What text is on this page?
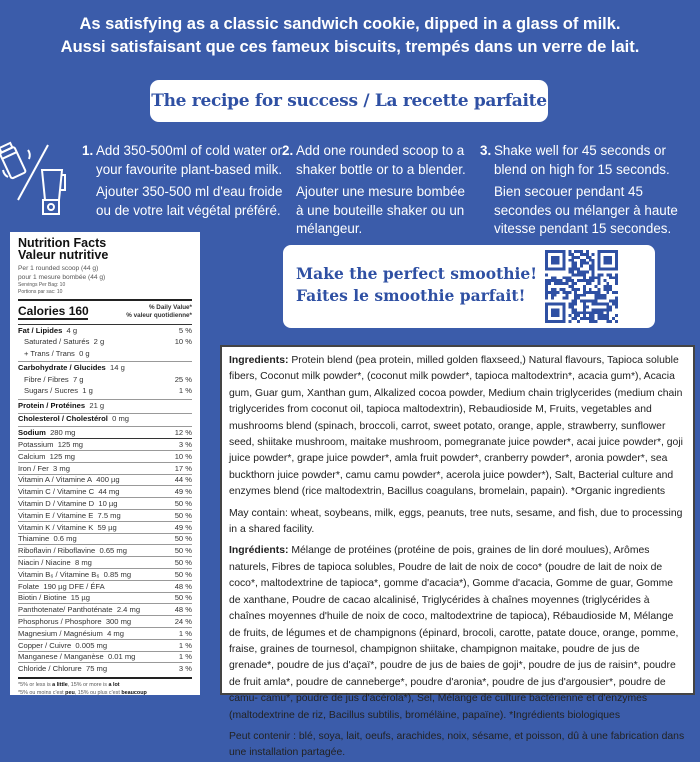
As satisfying as a classic sandwich cookie, dipped in a glass of milk.
Aussi satisfaisant que ces fameux biscuits, trempés dans un verre de lait.
The recipe for success / La recette parfaite
1. Add 350-500ml of cold water or your favourite plant-based milk.

Ajouter 350-500 ml d'eau froide ou de votre lait végétal préféré.

2. Add one rounded scoop to a shaker bottle or to a blender.

Ajouter une mesure bombée à une bouteille shaker ou un mélangeur.

3. Shake well for 45 seconds or blend on high for 15 seconds.

Bien secouer pendant 45 secondes ou mélanger à haute vitesse pendant 15 secondes.

Nutrition Facts
Valeur nutritive
Per 1 rounded scoop (44 g)
pour 1 mesure bombée (44 g)
Servings Per Bag: 10
Portions par sac: 10
Calories 160	% Daily Value*
% valeur quotidienne*
Fat / Lipides 4 g	5 %
Saturated / Saturés 2 g	10 %
+ Trans / Trans 0 g
Carbohydrate / Glucides 14 g
Fibre / Fibres 7 g	25 %
Sugars / Sucres 1 g	1 %
Protein / Protéines 21 g
Cholesterol / Cholestérol 0 mg
Sodium 280 mg	12 %
Potassium 125 mg	3 %
Calcium 125 mg	10 %
Iron / Fer 3 mg	17 %
Vitamin A / Vitamine A 400 µg	44 %
Vitamin C / Vitamine C 44 mg	49 %
Vitamin D / Vitamine D 10 µg	50 %
Vitamin E / Vitamine E 7.5 mg	50 %
Vitamin K / Vitamine K 59 µg	49 %
Thiamine 0.6 mg	50 %
Riboflavin / Riboflavine 0.65 mg	50 %
Niacin / Niacine 8 mg	50 %
Vitamin B₆ / Vitamine B₆ 0.85 mg	50 %
Folate 190 µg DFE / ÉFA	48 %
Biotin / Biotine 15 µg	50 %
Panthotenate/ Panthoténate 2.4 mg	48 %
Phosphorus / Phosphore 300 mg	24 %
Magnesium / Magnésium 4 mg	1 %
Copper / Cuivre 0.005 mg	1 %
Manganese / Manganèse 0.01 mg	1 %
Chloride / Chlorure 75 mg	3 %
*5% or less is a little, 15% or more is a lot
*5% ou moins c'est peu, 15% ou plus c'est beaucoup
Make the perfect smoothie!
Faites le smoothie parfait!

Ingredients: Protein blend (pea protein, milled golden flaxseed,) Natural flavours, Tapioca soluble fibers, Coconut milk powder*, (coconut milk powder*, tapioca maltodextrin*, acacia gum*), Acacia gum, Guar gum, Xanthan gum, Alkalized cocoa powder, Medium chain triglycerides (medium chain triglycerides from coconut oil, tapioca maltodextrin), Rebaudioside M, Fruits, vegetables and mushrooms blend (spinach, broccoli, carrot, sweet potato, orange, apple, strawberry, sunflower seed, shiitake mushroom, maitake mushroom, pomegranate juice powder*, acai juice powder*, goji juice powder*, grape juice powder*, amla fruit powder*, cranberry powder*, aronia powder*, sea buckthorn juice powder*, camu camu powder*, acerola juice powder*), Salt, Bacterial culture and enzymes blend (rice maltodextrin, Bacillus coagulans, bromelain, papain). *Organic ingredients

May contain: wheat, soybeans, milk, eggs, peanuts, tree nuts, sesame, and fish, due to processing in a shared facility.

Ingrédients: Mélange de protéines (protéine de pois, graines de lin doré moulues), Arômes naturels, Fibres de tapioca solubles, Poudre de lait de noix de coco* (poudre de lait de noix de coco*, maltodextrine de tapioca*, gomme d'acacia*), Gomme d'acacia, Gomme de guar, Gomme de xanthane, Poudre de cacao alcalinisé, Triglycérides à chaînes moyennes (triglycérides à chaînes moyennes d'huile de noix de coco, maltodextrine de tapioca), Rébaudioside M, Mélange de fruits, de légumes et de champignons (épinard, brocoli, carotte, patate douce, orange, pomme, fraise, graines de tournesol, champignon shiitake, champignon maitake, poudre de jus de grenade*, poudre de jus d'açaï*, poudre de jus de baies de goji*, poudre de jus de raisin*, poudre de fruit amla*, poudre de canneberge*, poudre d'aronia*, poudre de jus d'argousier*, poudre de camu- camu*, poudre de jus d'acérola*), Sel, Mélange de culture bactérienne et d'enzymes (maltodextrine de riz, Bacillus subtilis, broméläine, papaïne). *Ingrédients biologiques

Peut contenir : blé, soya, lait, oeufs, arachides, noix, sésame, et poisson, dû à une fabrication dans une installation partagée.
